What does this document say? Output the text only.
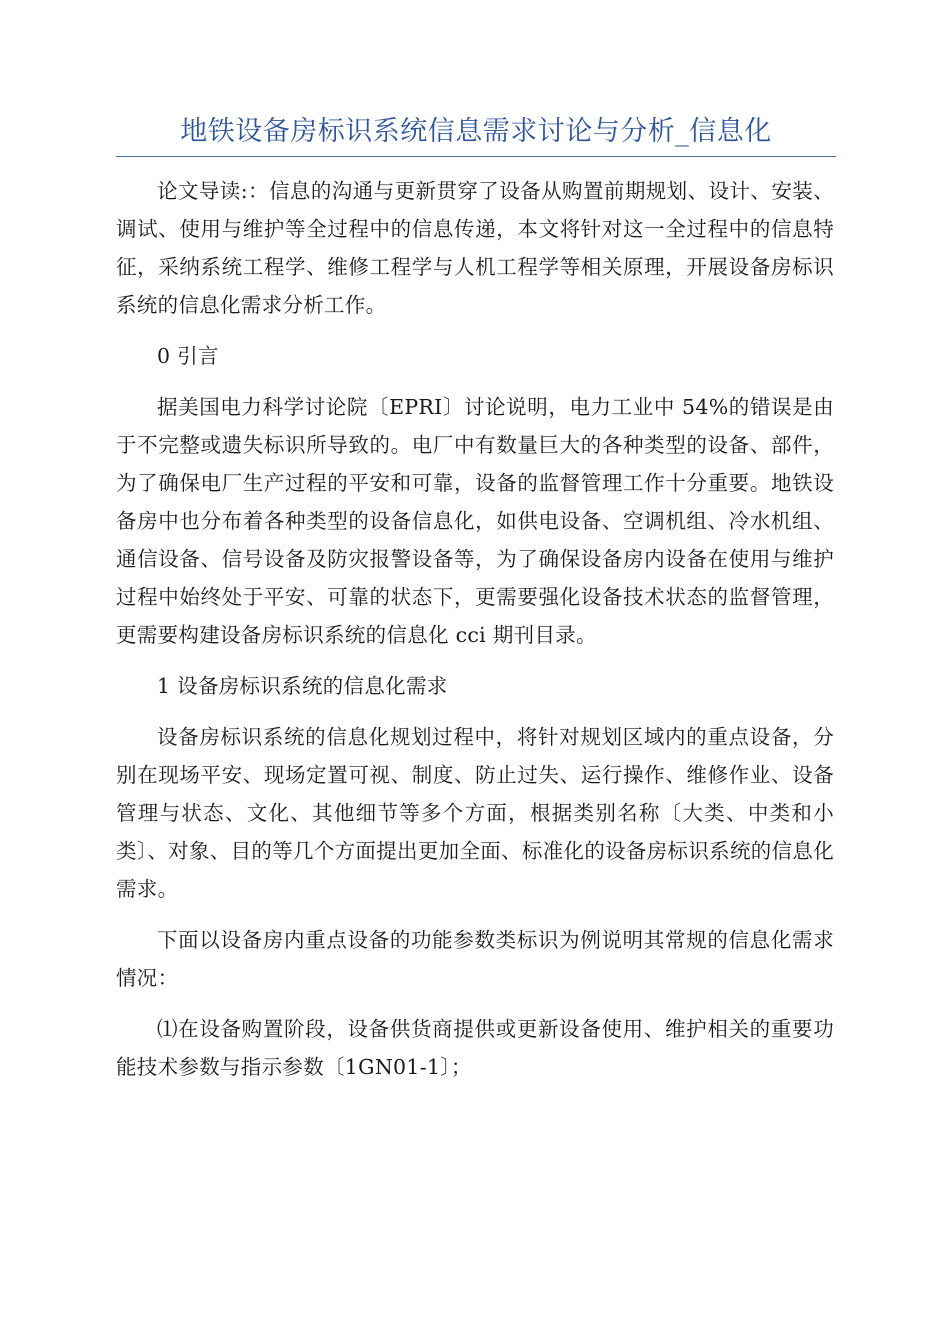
地铁设备房标识系统信息需求讨论与分析_信息化

论文导读:：信息的沟通与更新贯穿了设备从购置前期规划、设计、安装、调试、使用与维护等全过程中的信息传递，本文将针对这一全过程中的信息特征，采纳系统工程学、维修工程学与人机工程学等相关原理，开展设备房标识系统的信息化需求分析工作。

0 引言

据美国电力科学讨论院〔EPRI〕讨论说明，电力工业中 54%的错误是由于不完整或遗失标识所导致的。电厂中有数量巨大的各种类型的设备、部件，为了确保电厂生产过程的平安和可靠，设备的监督管理工作十分重要。地铁设备房中也分布着各种类型的设备信息化，如供电设备、空调机组、冷水机组、通信设备、信号设备及防灾报警设备等，为了确保设备房内设备在使用与维护过程中始终处于平安、可靠的状态下，更需要强化设备技术状态的监督管理，更需要构建设备房标识系统的信息化 cci 期刊目录。

1 设备房标识系统的信息化需求

设备房标识系统的信息化规划过程中，将针对规划区域内的重点设备，分别在现场平安、现场定置可视、制度、防止过失、运行操作、维修作业、设备管理与状态、文化、其他细节等多个方面，根据类别名称〔大类、中类和小类〕、对象、目的等几个方面提出更加全面、标准化的设备房标识系统的信息化需求。

下面以设备房内重点设备的功能参数类标识为例说明其常规的信息化需求情况：

⑴在设备购置阶段，设备供货商提供或更新设备使用、维护相关的重要功能技术参数与指示参数〔1GN01-1〕；
